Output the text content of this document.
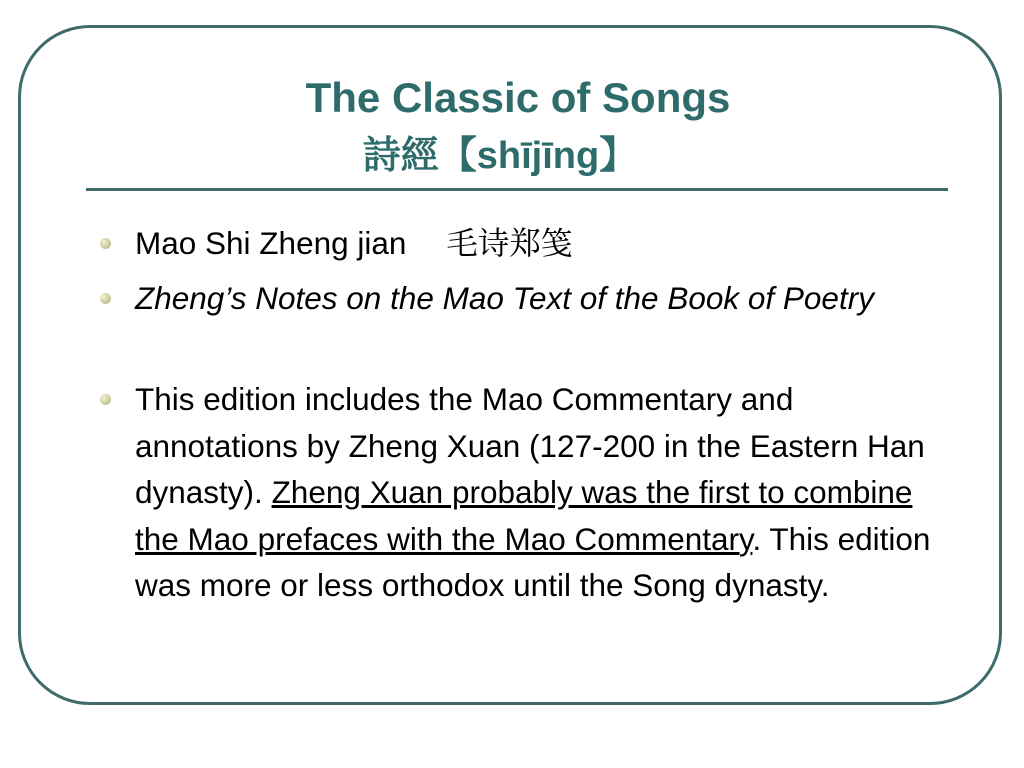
The Classic of Songs
詩經【shījīng】
Mao Shi Zheng jian 毛诗郑笺
Zheng’s Notes on the Mao Text of the Book of Poetry
This edition includes the Mao Commentary and annotations by Zheng Xuan (127-200 in the Eastern Han dynasty). Zheng Xuan probably was the first to combine the Mao prefaces with the Mao Commentary. This edition was more or less orthodox until the Song dynasty.
